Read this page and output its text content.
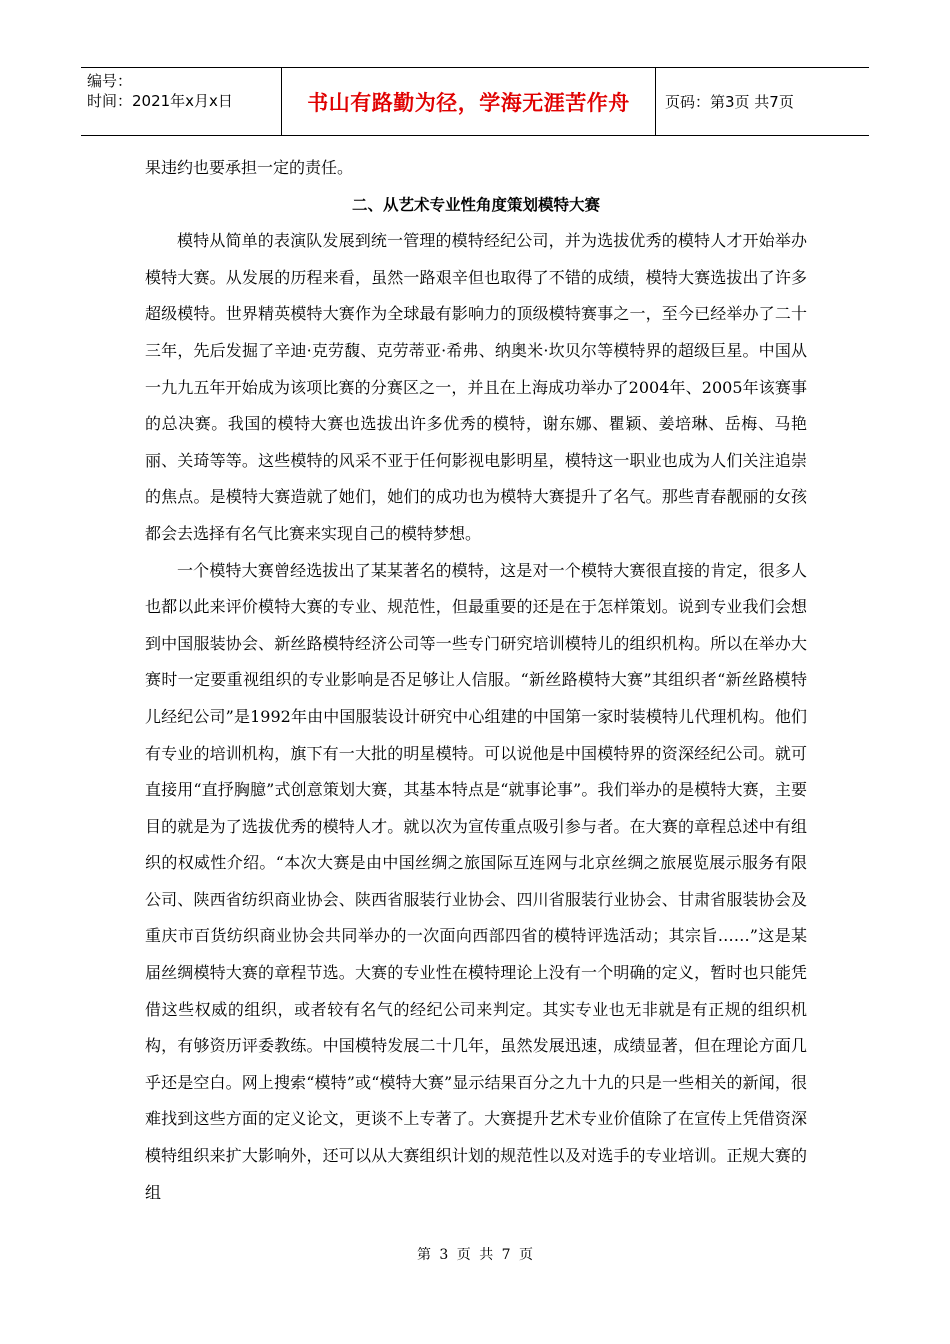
编号：
时间：2021年x月x日	书山有路勤为径，学海无涯苦作舟	页码：第3页 共7页

果违约也要承担一定的责任。

二、从艺术专业性角度策划模特大赛

模特从简单的表演队发展到统一管理的模特经纪公司，并为选拔优秀的模特人才开始举办模特大赛。从发展的历程来看，虽然一路艰辛但也取得了不错的成绩，模特大赛选拔出了许多超级模特。世界精英模特大赛作为全球最有影响力的顶级模特赛事之一，至今已经举办了二十三年，先后发掘了辛迪·克劳馥、克劳蒂亚·希弗、纳奥米·坎贝尔等模特界的超级巨星。中国从一九九五年开始成为该项比赛的分赛区之一，并且在上海成功举办了2004年、2005年该赛事的总决赛。我国的模特大赛也选拔出许多优秀的模特，谢东娜、瞿颖、姜培琳、岳梅、马艳丽、关琦等等。这些模特的风采不亚于任何影视电影明星，模特这一职业也成为人们关注追崇的焦点。是模特大赛造就了她们，她们的成功也为模特大赛提升了名气。那些青春靓丽的女孩都会去选择有名气比赛来实现自己的模特梦想。

一个模特大赛曾经选拔出了某某著名的模特，这是对一个模特大赛很直接的肯定，很多人也都以此来评价模特大赛的专业、规范性，但最重要的还是在于怎样策划。说到专业我们会想到中国服装协会、新丝路模特经济公司等一些专门研究培训模特儿的组织机构。所以在举办大赛时一定要重视组织的专业影响是否足够让人信服。“新丝路模特大赛”其组织者“新丝路模特儿经纪公司”是1992年由中国服装设计研究中心组建的中国第一家时装模特儿代理机构。他们有专业的培训机构，旗下有一大批的明星模特。可以说他是中国模特界的资深经纪公司。就可直接用“直抒胸臆”式创意策划大赛，其基本特点是“就事论事”。我们举办的是模特大赛，主要目的就是为了选拔优秀的模特人才。就以次为宣传重点吸引参与者。在大赛的章程总述中有组织的权威性介绍。“本次大赛是由中国丝绸之旅国际互连网与北京丝绸之旅展览展示服务有限公司、陕西省纺织商业协会、陕西省服装行业协会、四川省服装行业协会、甘肃省服装协会及重庆市百货纺织商业协会共同举办的一次面向西部四省的模特评选活动；其宗旨……”这是某届丝绸模特大赛的章程节选。大赛的专业性在模特理论上没有一个明确的定义，暂时也只能凭借这些权威的组织，或者较有名气的经纪公司来判定。其实专业也无非就是有正规的组织机构，有够资历评委教练。中国模特发展二十几年，虽然发展迅速，成绩显著，但在理论方面几乎还是空白。网上搜索“模特”或“模特大赛”显示结果百分之九十九的只是一些相关的新闻，很难找到这些方面的定义论文，更谈不上专著了。大赛提升艺术专业价值除了在宣传上凭借资深模特组织来扩大影响外，还可以从大赛组织计划的规范性以及对选手的专业培训。正规大赛的组

第 3 页 共 7 页
